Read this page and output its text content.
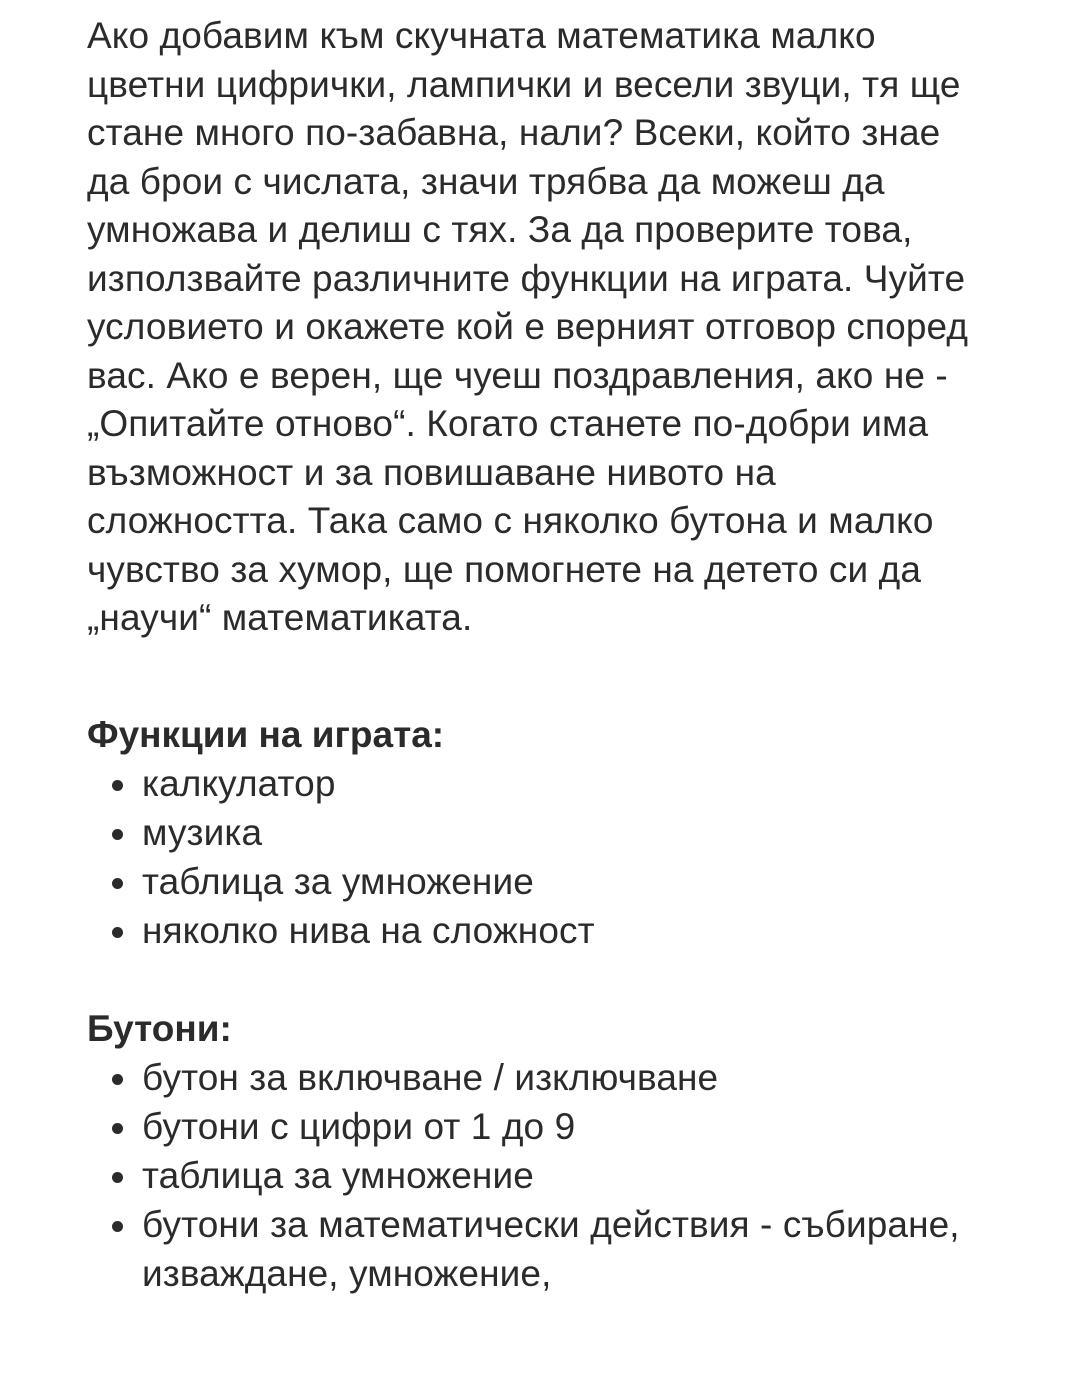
Ако добавим към скучната математика малко цветни цифрички, лампички и весели звуци, тя ще стане много по-забавна, нали? Всеки, който знае да брои с числата, значи трябва да можеш да умножава и делиш с тях. За да проверите това, използвайте различните функции на играта. Чуйте условието и окажете кой е верният отговор според вас. Ако е верен, ще чуеш поздравления, ако не - „Опитайте отново“. Когато станете по-добри има възможност и за повишаване нивото на сложността. Така само с няколко бутона и малко чувство за хумор, ще помогнете на детето си да „научи“ математиката.

Функции на играта:
калкулатор
музика
таблица за умножение
няколко нива на сложност
Бутони:
бутон за включване / изключване
бутони с цифри от 1 до 9
таблица за умножение
бутони за математически действия - събиране, изваждане, умножение,
